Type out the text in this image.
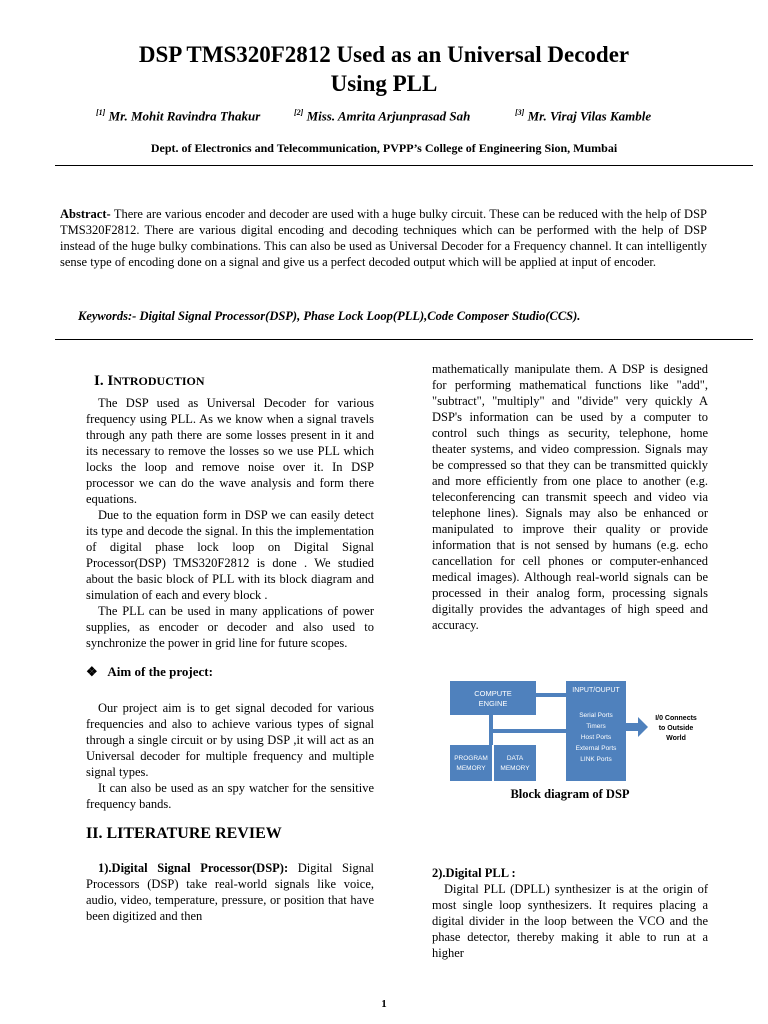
DSP TMS320F2812 Used as an Universal Decoder
Using PLL
[1] Mr. Mohit Ravindra Thakur	[2] Miss. Amrita Arjunprasad Sah	[3] Mr. Viraj Vilas Kamble
Dept. of Electronics and Telecommunication, PVPP’s College of Engineering Sion, Mumbai
Abstract- There are various encoder and decoder are used with a huge bulky circuit. These can be reduced with the help of DSP TMS320F2812. There are various digital encoding and decoding techniques which can be performed with the help of DSP instead of the huge bulky combinations. This can also be used as Universal Decoder for a Frequency channel. It can intelligently sense type of encoding done on a signal and give us a perfect decoded output which will be applied at input of encoder.
Keywords:- Digital Signal Processor(DSP), Phase Lock Loop(PLL),Code Composer Studio(CCS).
I. INTRODUCTION

The DSP used as Universal Decoder for various frequency using PLL. As we know when a signal travels through any path there are some losses present in it and its necessary to remove the losses so we use PLL which locks the loop and remove noise over it. In DSP processor we can do the wave analysis and form there equations.

Due to the equation form in DSP we can easily detect its type and decode the signal. In this the implementation of digital phase lock loop on Digital Signal Processor(DSP) TMS320F2812 is done . We studied about the basic block of PLL with its block diagram and simulation of each and every block .

The PLL can be used in many applications of power supplies, as encoder or decoder and also used to synchronize the power in grid line for future scopes.

❖ Aim of the project:

Our project aim is to get signal decoded for various frequencies and also to achieve various types of signal through a single circuit or by using DSP ,it will act as an Universal decoder for multiple frequency and multiple signal types.

It can also be used as an spy watcher for the sensitive frequency bands.

II. LITERATURE REVIEW

1).Digital Signal Processor(DSP): Digital Signal Processors (DSP) take real-world signals like voice, audio, video, temperature, pressure, or position that have been digitized and then

mathematically manipulate them. A DSP is designed for performing mathematical functions like "add", "subtract", "multiply" and "divide" very quickly A DSP's information can be used by a computer to control such things as security, telephone, home theater systems, and video compression. Signals may be compressed so that they can be transmitted quickly and more efficiently from one place to another (e.g. teleconferencing can transmit speech and video via telephone lines). Signals may also be enhanced or manipulated to improve their quality or provide information that is not sensed by humans (e.g. echo cancellation for cell phones or computer-enhanced medical images). Although real-world signals can be processed in their analog form, processing signals digitally provides the advantages of high speed and accuracy.

COMPUTE
ENGINE
INPUT/OUPUT
Serial Ports
Timers
Host Ports
External Ports
LINK Ports
PROGRAM
MEMORY
DATA
MEMORY
I/0 Connects
to Outside
World
Block diagram of DSP
2).Digital PLL :

Digital PLL (DPLL) synthesizer is at the origin of most single loop synthesizers. It requires placing a digital divider in the loop between the VCO and the phase detector, thereby making it able to run at a higher

1
